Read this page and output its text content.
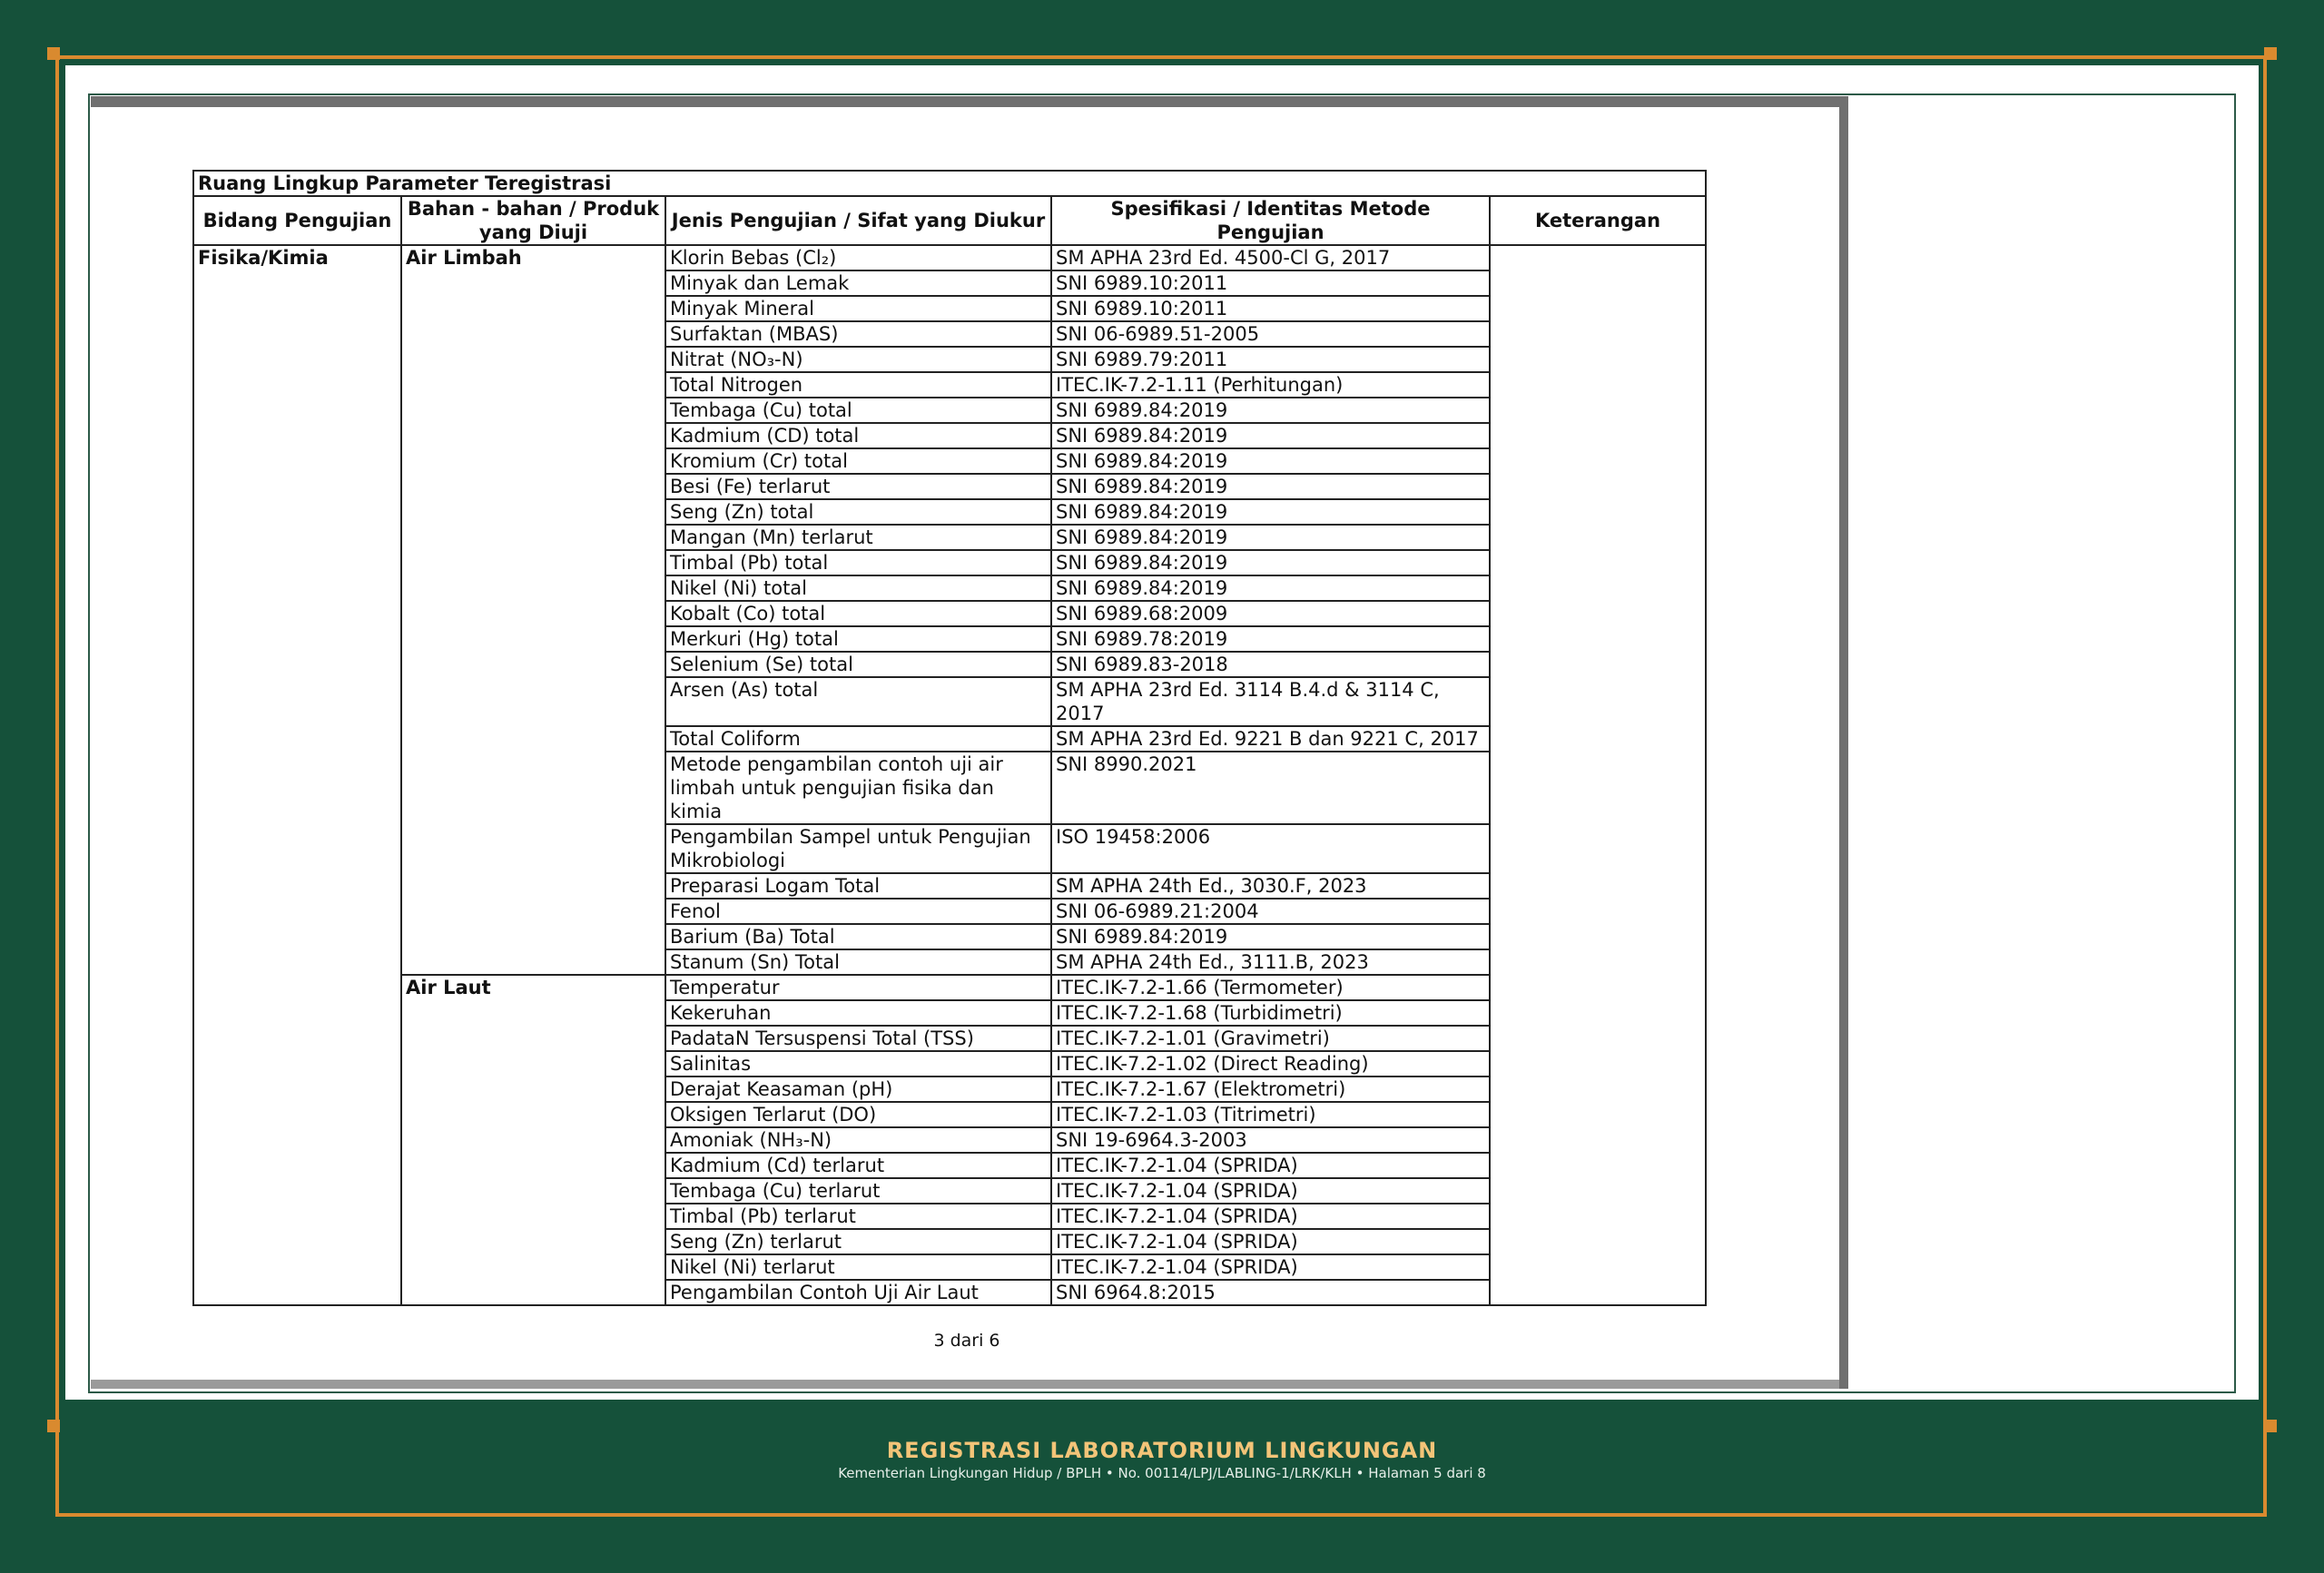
Ruang Lingkup Parameter Teregistrasi				
Bidang Pengujian	Bahan - bahan / Produk yang Diuji	Jenis Pengujian / Sifat yang Diukur	Spesifikasi / Identitas Metode Pengujian	Keterangan
Fisika/Kimia	Air Limbah	Klorin Bebas (Cl₂)	SM APHA 23rd Ed. 4500-Cl G, 2017	
		Minyak dan Lemak	SNI 6989.10:2011	
		Minyak Mineral	SNI 6989.10:2011	
		Surfaktan (MBAS)	SNI 06-6989.51-2005	
		Nitrat (NO₃-N)	SNI 6989.79:2011	
		Total Nitrogen	ITEC.IK-7.2-1.11 (Perhitungan)	
		Tembaga (Cu) total	SNI 6989.84:2019	
		Kadmium (CD) total	SNI 6989.84:2019	
		Kromium (Cr) total	SNI 6989.84:2019	
		Besi (Fe) terlarut	SNI 6989.84:2019	
		Seng (Zn) total	SNI 6989.84:2019	
		Mangan (Mn) terlarut	SNI 6989.84:2019	
		Timbal (Pb) total	SNI 6989.84:2019	
		Nikel (Ni) total	SNI 6989.84:2019	
		Kobalt (Co) total	SNI 6989.68:2009	
		Merkuri (Hg) total	SNI 6989.78:2019	
		Selenium (Se) total	SNI 6989.83-2018	
		Arsen (As) total	SM APHA 23rd Ed. 3114 B.4.d & 3114 C, 2017	
		Total Coliform	SM APHA 23rd Ed. 9221 B dan 9221 C, 2017	
		Metode pengambilan contoh uji air limbah untuk pengujian fisika dan kimia	SNI 8990.2021	
		Pengambilan Sampel untuk Pengujian Mikrobiologi	ISO 19458:2006	
		Preparasi Logam Total	SM APHA 24th Ed., 3030.F, 2023	
		Fenol	SNI 06-6989.21:2004	
		Barium (Ba) Total	SNI 6989.84:2019	
		Stanum (Sn) Total	SM APHA 24th Ed., 3111.B, 2023	
	Air Laut	Temperatur	ITEC.IK-7.2-1.66 (Termometer)	
		Kekeruhan	ITEC.IK-7.2-1.68 (Turbidimetri)	
		PadataN Tersuspensi Total (TSS)	ITEC.IK-7.2-1.01 (Gravimetri)	
		Salinitas	ITEC.IK-7.2-1.02 (Direct Reading)	
		Derajat Keasaman (pH)	ITEC.IK-7.2-1.67 (Elektrometri)	
		Oksigen Terlarut (DO)	ITEC.IK-7.2-1.03 (Titrimetri)	
		Amoniak (NH₃-N)	SNI 19-6964.3-2003	
		Kadmium (Cd) terlarut	ITEC.IK-7.2-1.04 (SPRIDA)	
		Tembaga (Cu) terlarut	ITEC.IK-7.2-1.04 (SPRIDA)	
		Timbal (Pb) terlarut	ITEC.IK-7.2-1.04 (SPRIDA)	
		Seng (Zn) terlarut	ITEC.IK-7.2-1.04 (SPRIDA)	
		Nikel (Ni) terlarut	ITEC.IK-7.2-1.04 (SPRIDA)	
		Pengambilan Contoh Uji Air Laut	SNI 6964.8:2015	
3 dari 6
REGISTRASI LABORATORIUM LINGKUNGAN
Kementerian Lingkungan Hidup / BPLH • No. 00114/LPJ/LABLING-1/LRK/KLH • Halaman 5 dari 8
